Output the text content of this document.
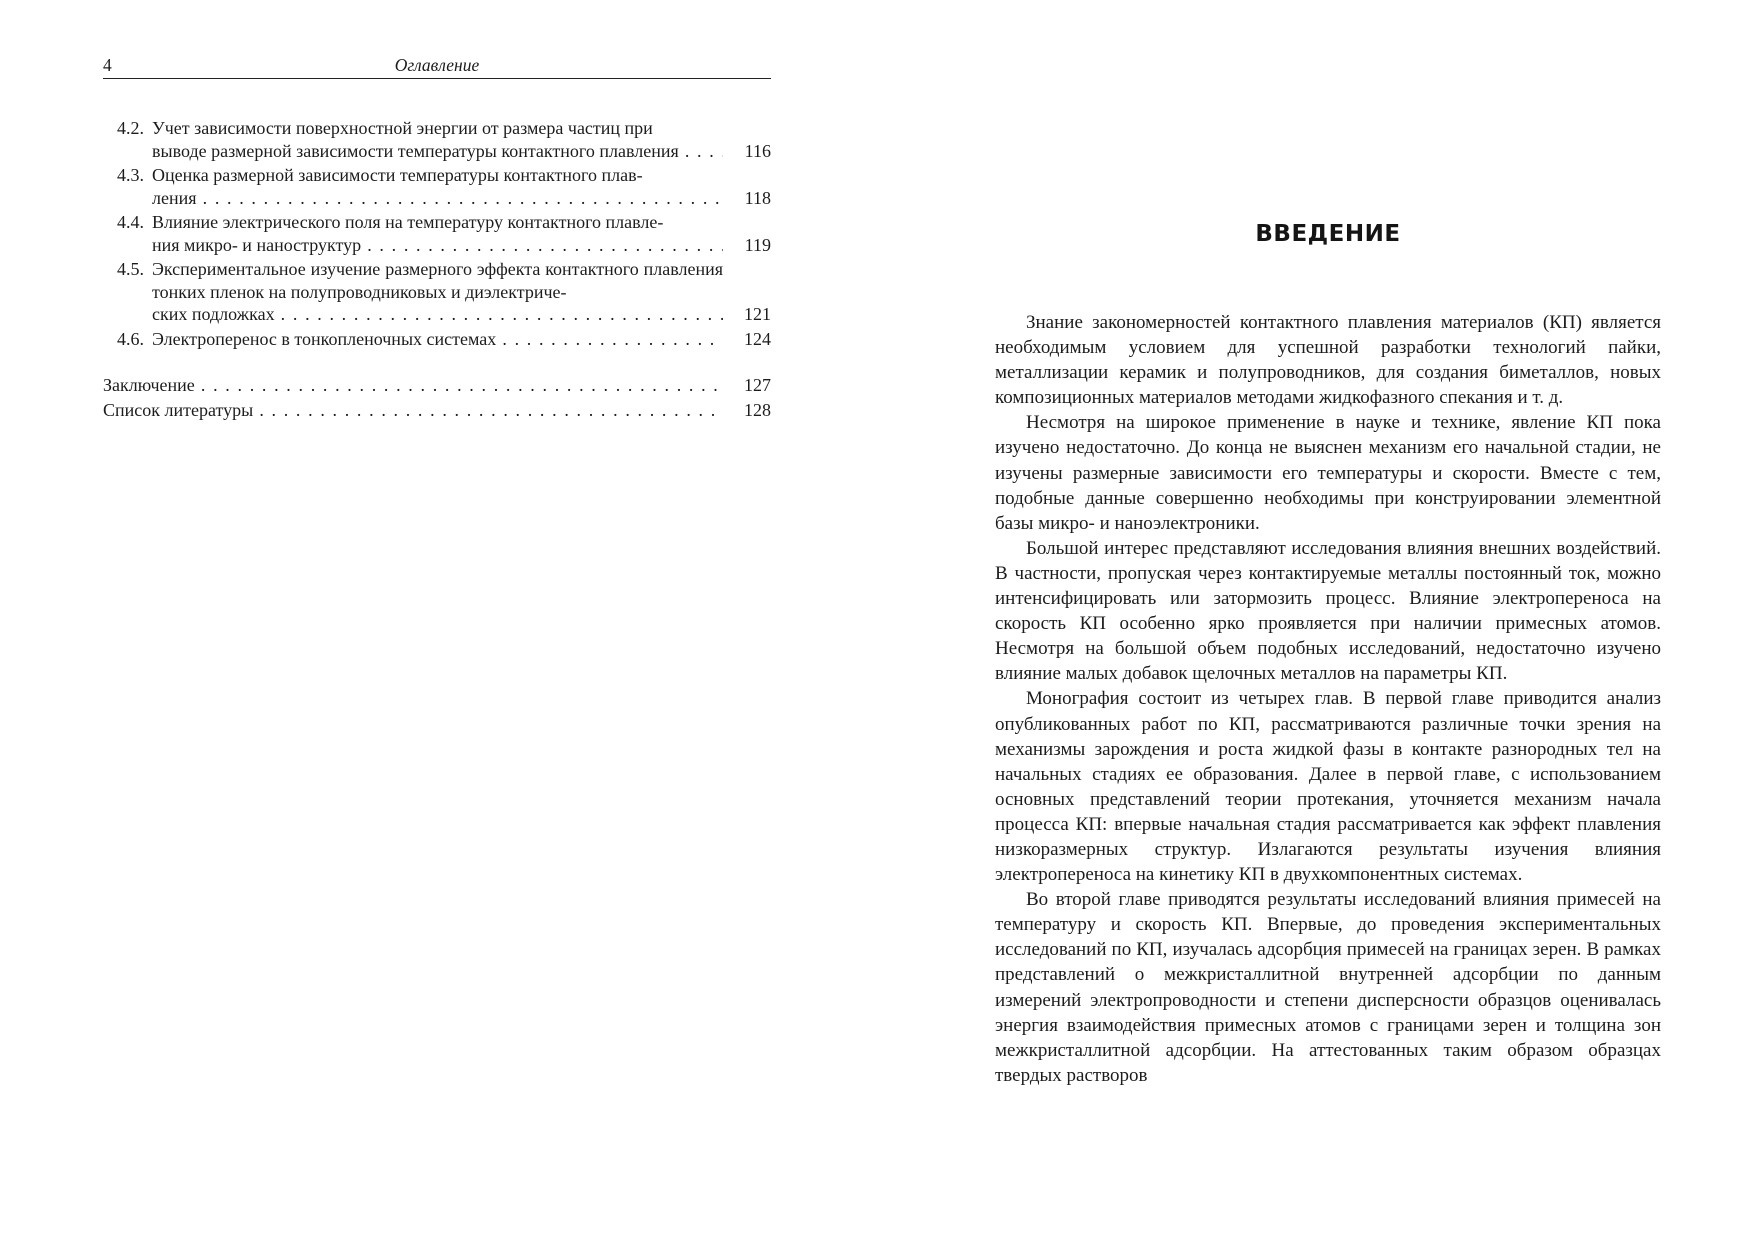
4	Оглавление
4.2. Учет зависимости поверхностной энергии от размера частиц при
выводе размерной зависимости температуры контактного плавления . . .	116
4.3. Оценка размерной зависимости температуры контактного плав-
ления . . .	118
4.4. Влияние электрического поля на температуру контактного плавле-
ния микро- и наноструктур . . .	119
4.5. Экспериментальное изучение размерного эффекта контактного плавления тонких пленок на полупроводниковых и диэлектриче-
ских подложках . . .	121
4.6. Электроперенос в тонкопленочных системах . . .	124
Заключение . . .	127
Список литературы . . .	128
ВВЕДЕНИЕ

Знание закономерностей контактного плавления материалов (КП) является необходимым условием для успешной разработки технологий пайки, металлизации керамик и полупроводников, для создания биметаллов, новых композиционных материалов методами жидкофазного спекания и т. д.

Несмотря на широкое применение в науке и технике, явление КП пока изучено недостаточно. До конца не выяснен механизм его начальной стадии, не изучены размерные зависимости его температуры и скорости. Вместе с тем, подобные данные совершенно необходимы при конструировании элементной базы микро- и наноэлектроники.

Большой интерес представляют исследования влияния внешних воздействий. В частности, пропуская через контактируемые металлы постоянный ток, можно интенсифицировать или затормозить процесс. Влияние электропереноса на скорость КП особенно ярко проявляется при наличии примесных атомов. Несмотря на большой объем подобных исследований, недостаточно изучено влияние малых добавок щелочных металлов на параметры КП.

Монография состоит из четырех глав. В первой главе приводится анализ опубликованных работ по КП, рассматриваются различные точки зрения на механизмы зарождения и роста жидкой фазы в контакте разнородных тел на начальных стадиях ее образования. Далее в первой главе, с использованием основных представлений теории протекания, уточняется механизм начала процесса КП: впервые начальная стадия рассматривается как эффект плавления низкоразмерных структур. Излагаются результаты изучения влияния электропереноса на кинетику КП в двухкомпонентных системах.

Во второй главе приводятся результаты исследований влияния примесей на температуру и скорость КП. Впервые, до проведения экспериментальных исследований по КП, изучалась адсорбция примесей на границах зерен. В рамках представлений о межкристаллитной внутренней адсорбции по данным измерений электропроводности и степени дисперсности образцов оценивалась энергия взаимодействия примесных атомов с границами зерен и толщина зон межкристаллитной адсорбции. На аттестованных таким образом образцах твердых растворов
